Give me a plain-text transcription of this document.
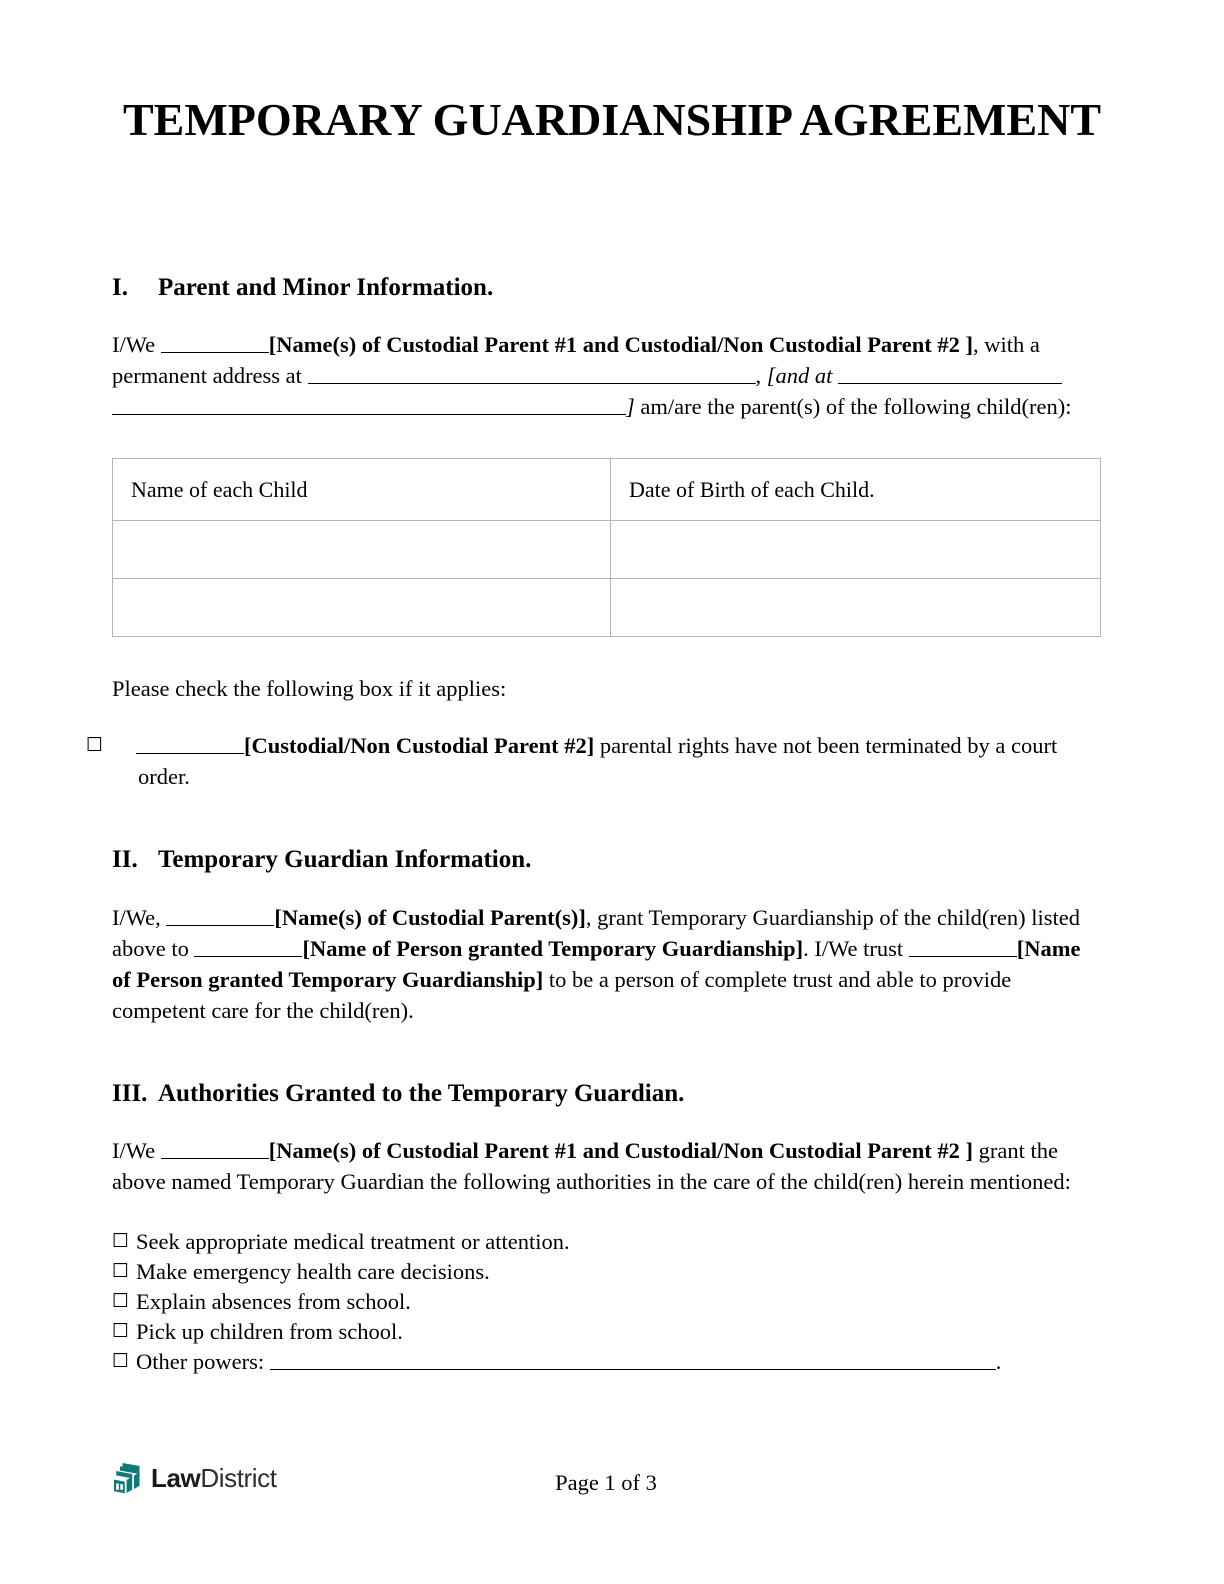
TEMPORARY GUARDIANSHIP AGREEMENT
I. Parent and Minor Information.

I/We	[Name(s) of Custodial Parent #1 and Custodial/Non Custodial Parent #2 ], with a permanent address at	, [and at ] am/are the parent(s) of the following child(ren):

Name of each Child	Date of Birth of each Child.

Please check the following box if it applies:

☐	[Custodial/Non Custodial Parent #2] parental rights have not been terminated by a court order.

II. Temporary Guardian Information.

I/We,	[Name(s) of Custodial Parent(s)], grant Temporary Guardianship of the child(ren) listed above to	[Name of Person granted Temporary Guardianship]. I/We trust	[Name of Person granted Temporary Guardianship] to be a person of complete trust and able to provide competent care for the child(ren).

III. Authorities Granted to the Temporary Guardian.

I/We	[Name(s) of Custodial Parent #1 and Custodial/Non Custodial Parent #2 ] grant the above named Temporary Guardian the following authorities in the care of the child(ren) herein mentioned:

☐ Seek appropriate medical treatment or attention.
☐ Make emergency health care decisions.
☐ Explain absences from school.
☐ Pick up children from school.
☐ Other powers:	.
LawDistrict	Page 1 of 3
